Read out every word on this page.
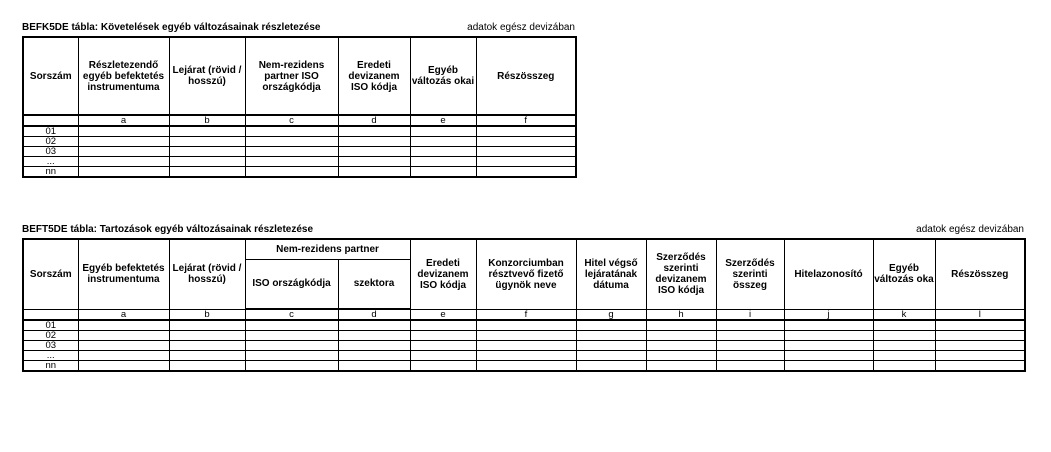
BEFK5DE tábla: Követelések egyéb változásainak részletezése	adatok egész devizában
Sorszám	Részletezendő egyéb befektetés instrumentuma	Lejárat (rövid / hosszú)	Nem-rezidens partner ISO országkódja	Eredeti devizanem ISO kódja	Egyéb változás okai	Részösszeg
	a	b	c	d	e	f
01						
02						
03						
...						
nn						
BEFT5DE tábla: Tartozások egyéb változásainak részletezése	adatok egész devizában
Sorszám	Egyéb befektetés instrumentuma	Lejárat (rövid / hosszú)	Nem-rezidens partner		Eredeti devizanem ISO kódja	Konzorciumban résztvevő fizető ügynök neve	Hitel végső lejáratának dátuma	Szerződés szerinti devizanem ISO kódja	Szerződés szerinti összeg	Hitelazonosító	Egyéb változás oka	Részösszeg
			ISO országkódja	szektora								
	a	b	c	d	e	f	g	h	i	j	k	l
01												
02												
03												
...												
nn												
